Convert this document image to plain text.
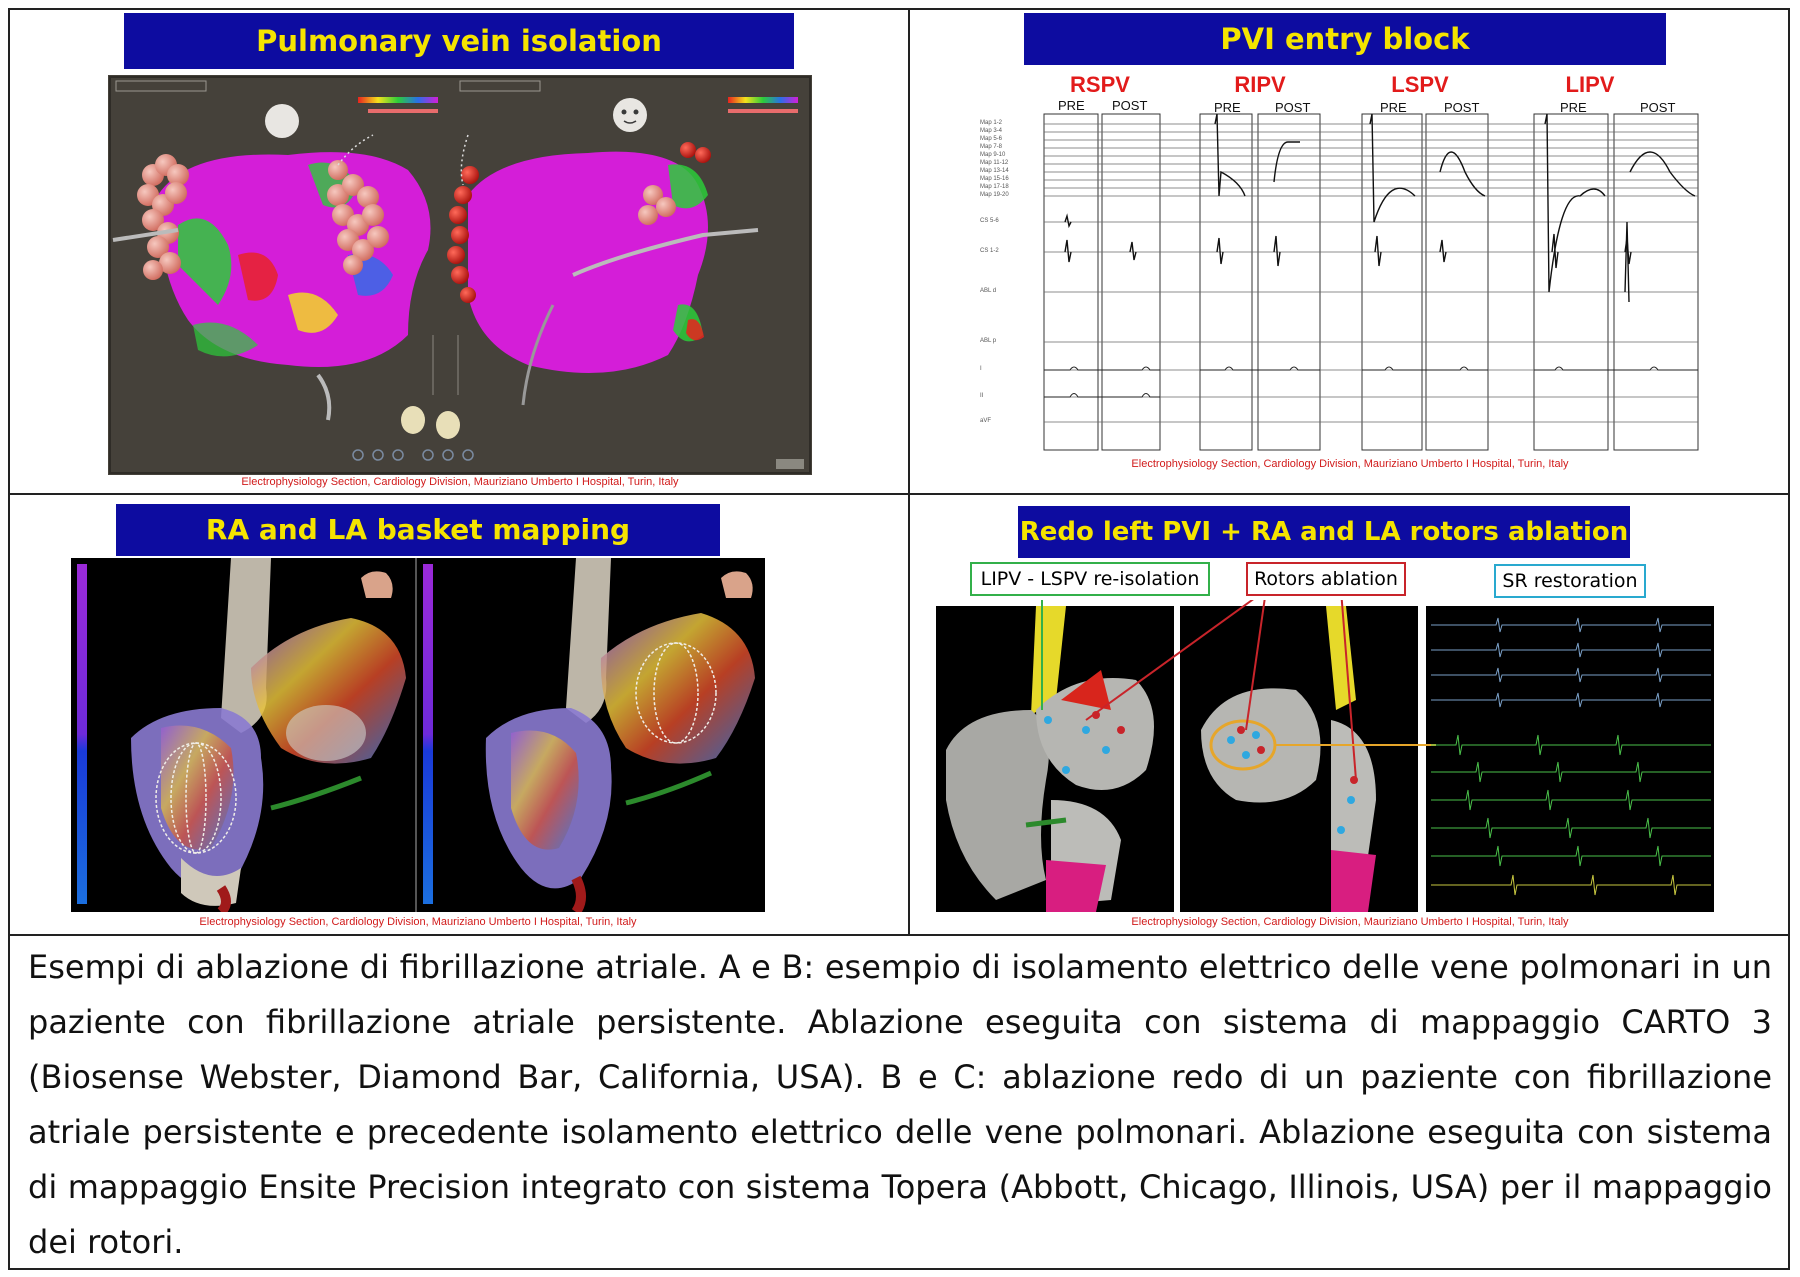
Pulmonary vein isolation
Electrophysiology Section, Cardiology Division, Mauriziano Umberto I Hospital, Turin, Italy
PVI entry block
RSPV	RIPV	LSPV	LIPV
PRE POST	PRE	POST	PRE	POST	PRE	POST
Map 1-2
Map 3-4
Map 5-6
Map 7-8
Map 9-10
Map 11-12
Map 13-14
Map 15-16
Map 17-18
Map 19-20
CS 5-6
CS 1-2
ABL d
ABL p
I
II
aVF
Electrophysiology Section, Cardiology Division, Mauriziano Umberto I Hospital, Turin, Italy
RA and LA basket mapping
Electrophysiology Section, Cardiology Division, Mauriziano Umberto I Hospital, Turin, Italy
Redo left PVI + RA and LA rotors ablation
LIPV - LSPV re-isolation	Rotors ablation	SR restoration
Electrophysiology Section, Cardiology Division, Mauriziano Umberto I Hospital, Turin, Italy
Esempi di ablazione di fibrillazione atriale. A e B: esempio di isolamento elettrico delle vene polmonari in un paziente con fibrillazione atriale persistente. Ablazione eseguita con sistema di mappaggio CARTO 3 (Biosense Webster, Diamond Bar, California, USA). B e C: ablazione redo di un paziente con fibrillazione atriale persistente e precedente isolamento elettrico delle vene polmonari. Ablazione eseguita con sistema di mappaggio Ensite Precision integrato con sistema Topera (Abbott, Chicago, Illinois, USA) per il mappaggio dei rotori.
